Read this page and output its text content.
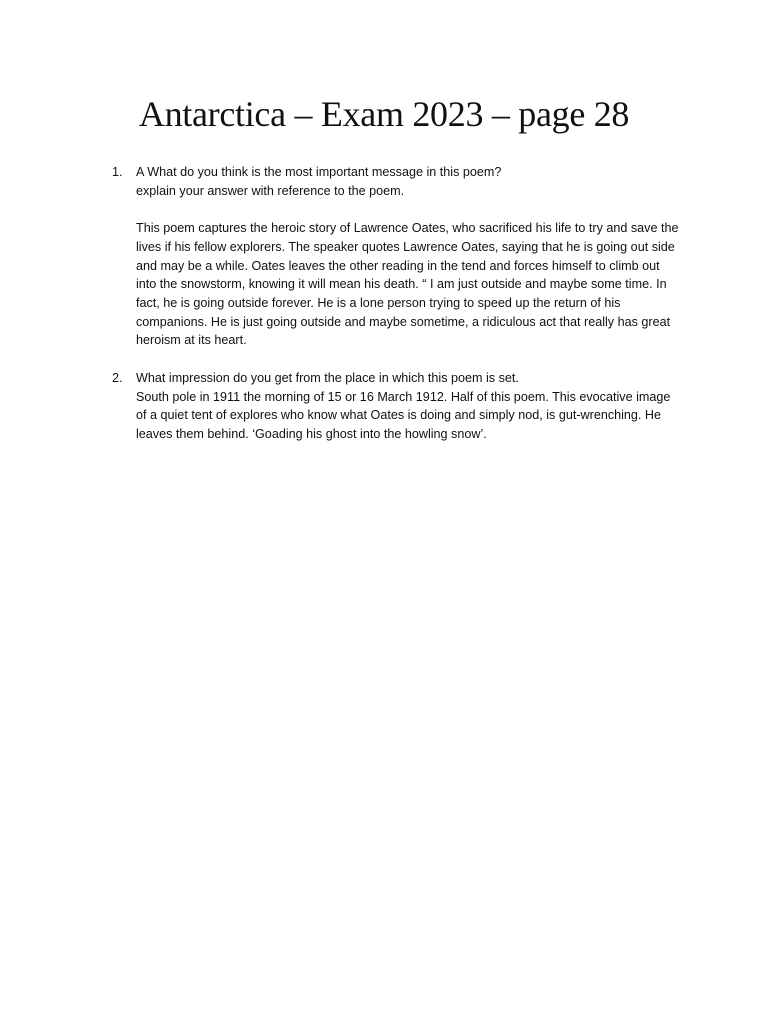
Antarctica – Exam 2023 – page 28
1.	A What do you think is the most important message in this poem?
explain your answer with reference to the poem.
This poem captures the heroic story of Lawrence Oates, who sacrificed his life to try and save the lives if his fellow explorers. The speaker quotes Lawrence Oates, saying that he is going out side and may be a while. Oates leaves the other reading in the tend and forces himself to climb out into the snowstorm, knowing it will mean his death. “ I am just outside and maybe some time. In fact, he is going outside forever. He is a lone person trying to speed up the return of his companions. He is just going outside and maybe sometime, a ridiculous act that really has great heroism at its heart.
2.	What impression do you get from the place in which this poem is set.
South pole in 1911 the morning of 15 or 16 March 1912. Half of this poem. This evocative image of a quiet tent of explores who know what Oates is doing and simply nod, is gut-wrenching. He leaves them behind. ‘Goading his ghost into the howling snow’.
